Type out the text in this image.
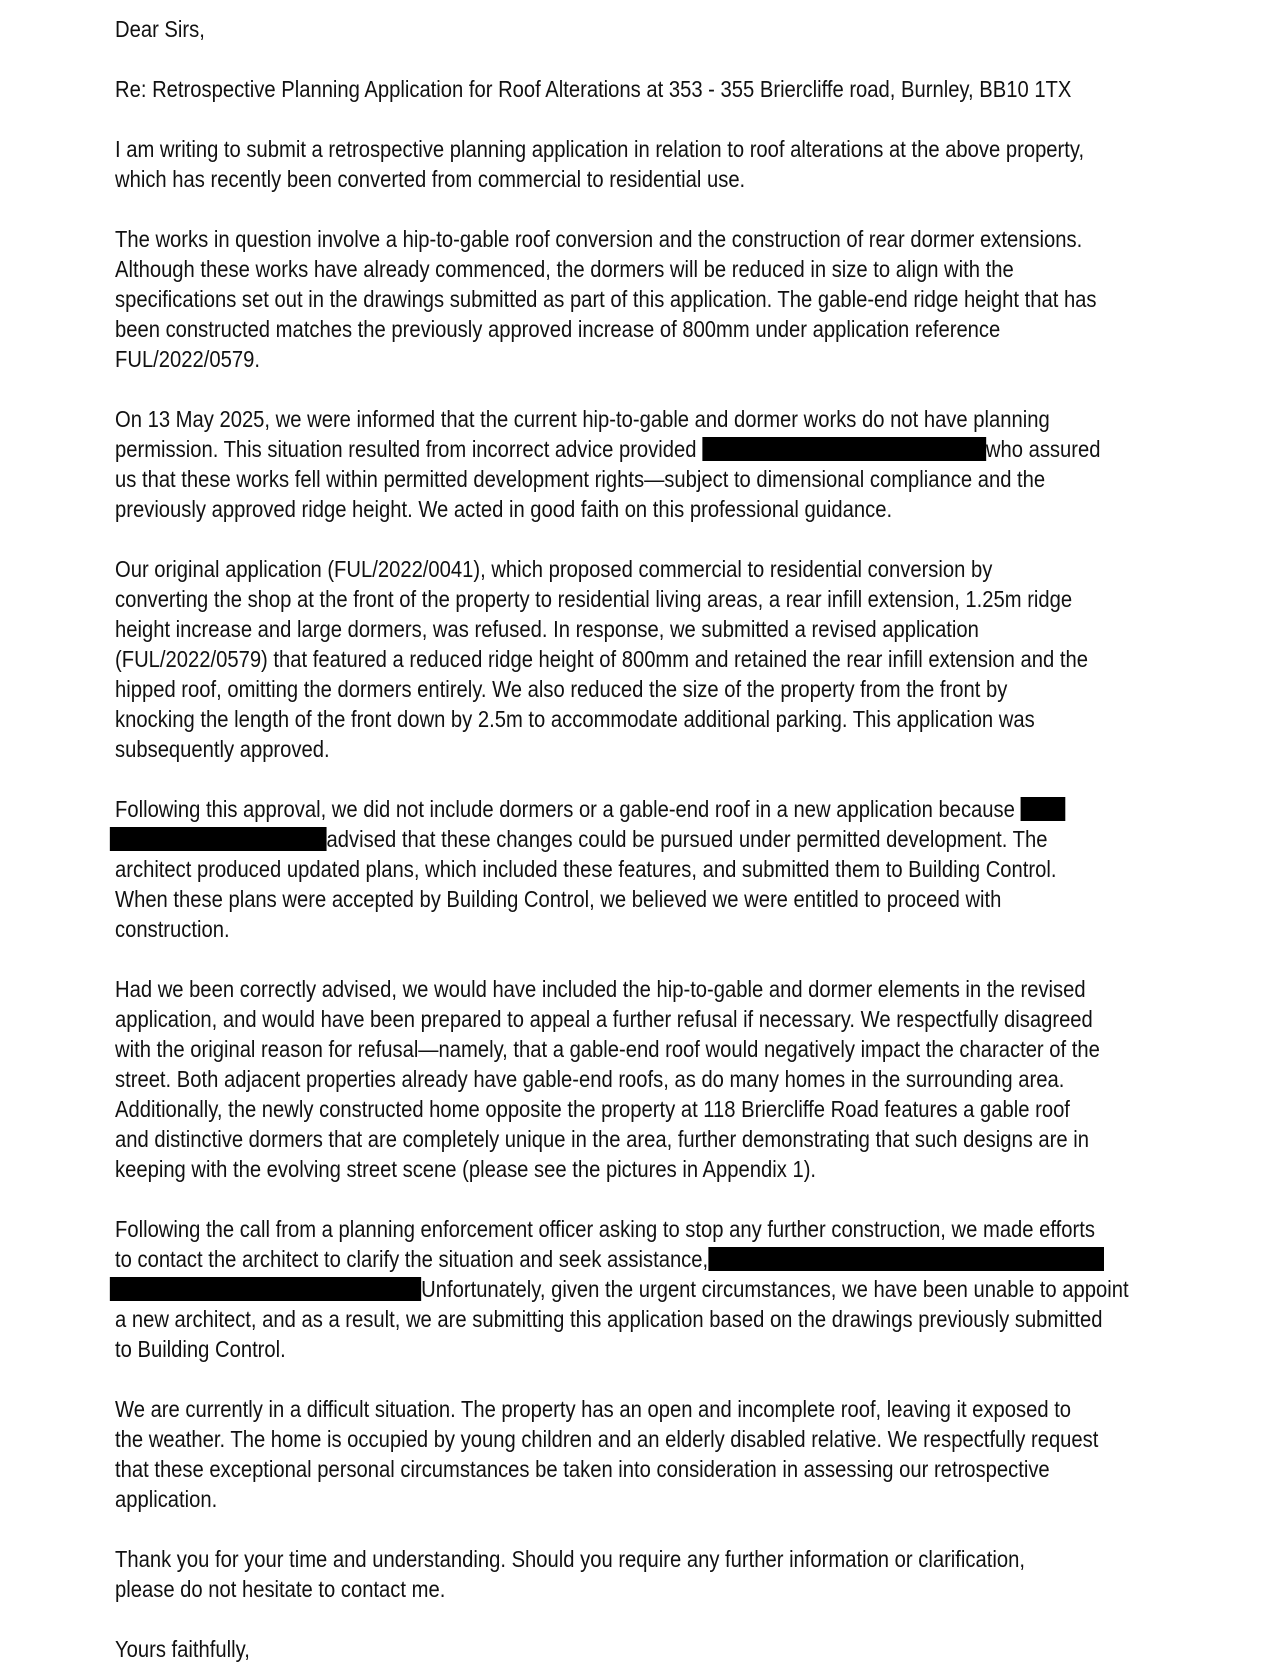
Dear Sirs,
Re: Retrospective Planning Application for Roof Alterations at 353 - 355 Briercliffe road, Burnley, BB10 1TX
I am writing to submit a retrospective planning application in relation to roof alterations at the above property,
which has recently been converted from commercial to residential use.
The works in question involve a hip-to-gable roof conversion and the construction of rear dormer extensions.
Although these works have already commenced, the dormers will be reduced in size to align with the
specifications set out in the drawings submitted as part of this application. The gable-end ridge height that has
been constructed matches the previously approved increase of 800mm under application reference
FUL/2022/0579.
On 13 May 2025, we were informed that the current hip-to-gable and dormer works do not have planning
permission. This situation resulted from incorrect advice provided	who assured
us that these works fell within permitted development rights—subject to dimensional compliance and the
previously approved ridge height. We acted in good faith on this professional guidance.
Our original application (FUL/2022/0041), which proposed commercial to residential conversion by
converting the shop at the front of the property to residential living areas, a rear infill extension, 1.25m ridge
height increase and large dormers, was refused. In response, we submitted a revised application
(FUL/2022/0579) that featured a reduced ridge height of 800mm and retained the rear infill extension and the
hipped roof, omitting the dormers entirely. We also reduced the size of the property from the front by
knocking the length of the front down by 2.5m to accommodate additional parking. This application was
subsequently approved.
Following this approval, we did not include dormers or a gable-end roof in a new application because
advised that these changes could be pursued under permitted development. The
architect produced updated plans, which included these features, and submitted them to Building Control.
When these plans were accepted by Building Control, we believed we were entitled to proceed with
construction.
Had we been correctly advised, we would have included the hip-to-gable and dormer elements in the revised
application, and would have been prepared to appeal a further refusal if necessary. We respectfully disagreed
with the original reason for refusal—namely, that a gable-end roof would negatively impact the character of the
street. Both adjacent properties already have gable-end roofs, as do many homes in the surrounding area.
Additionally, the newly constructed home opposite the property at 118 Briercliffe Road features a gable roof
and distinctive dormers that are completely unique in the area, further demonstrating that such designs are in
keeping with the evolving street scene (please see the pictures in Appendix 1).
Following the call from a planning enforcement officer asking to stop any further construction, we made efforts
to contact the architect to clarify the situation and seek assistance,
Unfortunately, given the urgent circumstances, we have been unable to appoint
a new architect, and as a result, we are submitting this application based on the drawings previously submitted
to Building Control.
We are currently in a difficult situation. The property has an open and incomplete roof, leaving it exposed to
the weather. The home is occupied by young children and an elderly disabled relative. We respectfully request
that these exceptional personal circumstances be taken into consideration in assessing our retrospective
application.
Thank you for your time and understanding. Should you require any further information or clarification,
please do not hesitate to contact me.
Yours faithfully,
